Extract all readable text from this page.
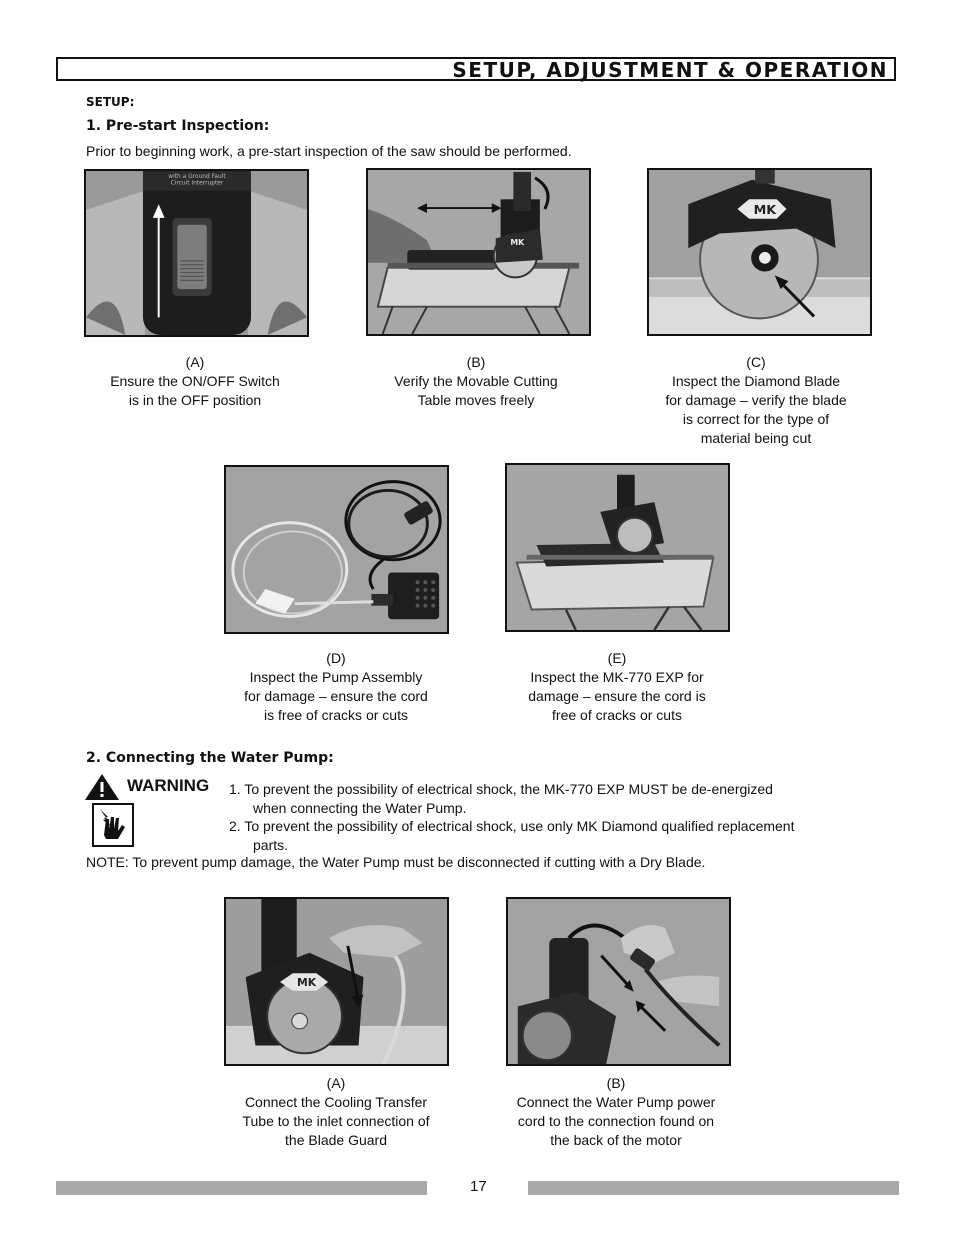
SETUP, ADJUSTMENT & OPERATION
SETUP:
1. Pre-start Inspection:
Prior to beginning work, a pre-start inspection of the saw should be performed.
with a Ground Fault
Circuit Interrupter
MK
MK
(A)
Ensure the ON/OFF Switch
is in the OFF position
(B)
Verify the Movable Cutting
Table moves freely
(C)
Inspect the Diamond Blade
for damage – verify the blade
is correct for the type of
material being cut
(D)
Inspect the Pump Assembly
for damage – ensure the cord
is free of cracks or cuts
(E)
Inspect the MK-770 EXP for
damage – ensure the cord is
free of cracks or cuts
2. Connecting the Water Pump:
WARNING 1. To prevent the possibility of electrical shock, the MK-770 EXP MUST be de-energized
when connecting the Water Pump.
2. To prevent the possibility of electrical shock, use only MK Diamond qualified replacement
parts.
NOTE: To prevent pump damage, the Water Pump must be disconnected if cutting with a Dry Blade.
MK
(A)
Connect the Cooling Transfer
Tube to the inlet connection of
the Blade Guard
(B)
Connect the Water Pump power
cord to the connection found on
the back of the motor
17
